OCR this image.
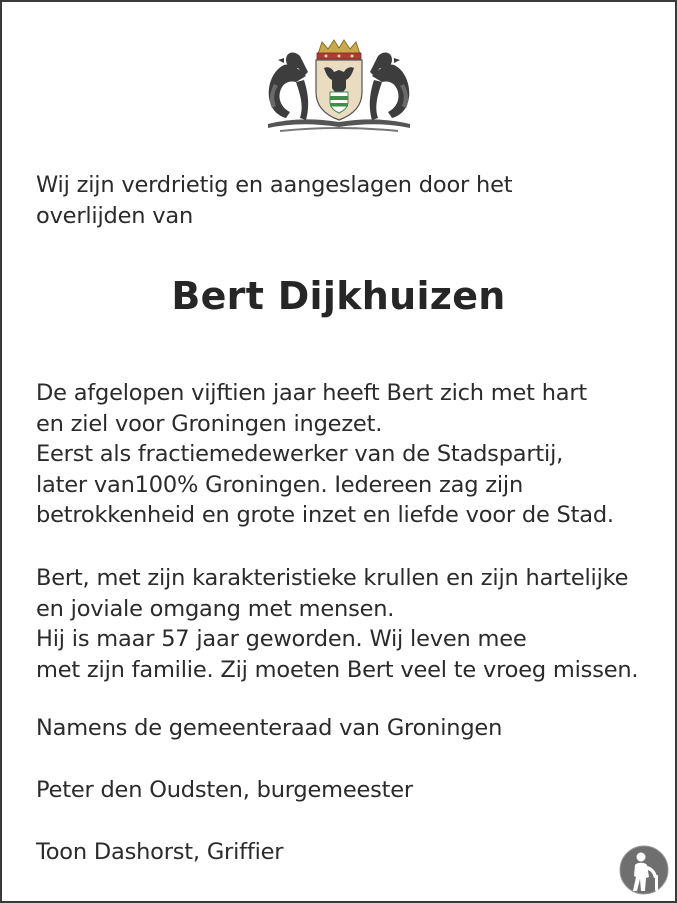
Wij zijn verdrietig en aangeslagen door het
overlijden van

Bert Dijkhuizen

De afgelopen vijftien jaar heeft Bert zich met hart
en ziel voor Groningen ingezet.
Eerst als fractiemedewerker van de Stadspartij,
later van100% Groningen. Iedereen zag zijn
betrokkenheid en grote inzet en liefde voor de Stad.

Bert, met zijn karakteristieke krullen en zijn hartelijke
en joviale omgang met mensen.
Hij is maar 57 jaar geworden. Wij leven mee
met zijn familie. Zij moeten Bert veel te vroeg missen.

Namens de gemeenteraad van Groningen

Peter den Oudsten, burgemeester

Toon Dashorst, Griffier
